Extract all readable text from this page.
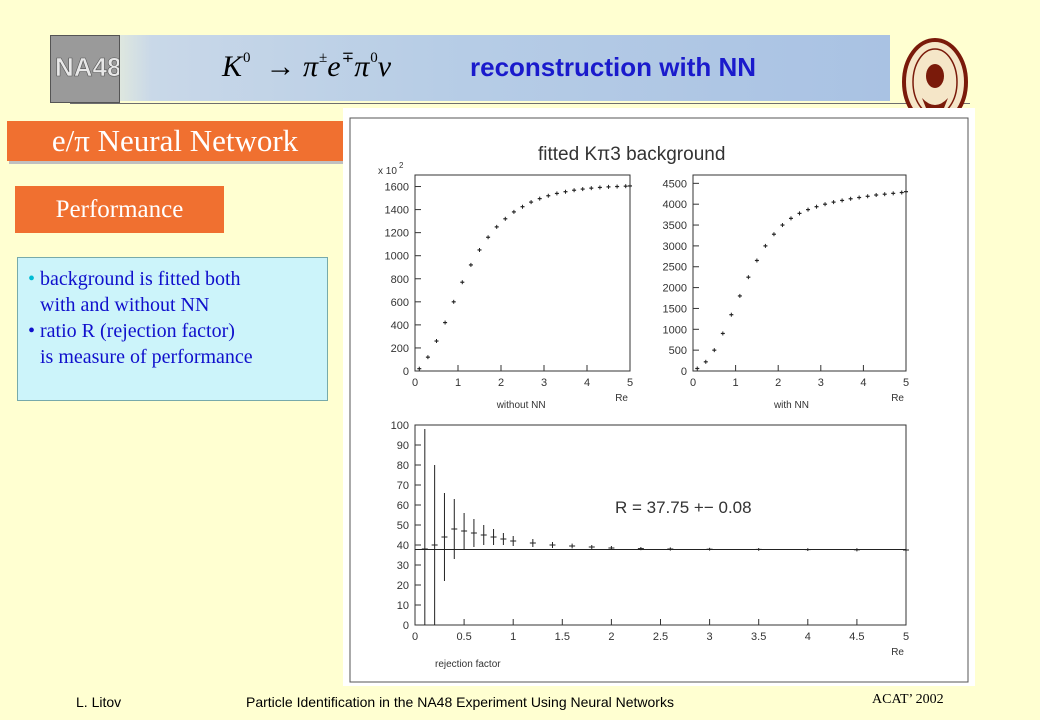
NA48	$K^0 \to \pi^\pm e^\mp\pi^0\nu$	reconstruction with NN
e/π Neural Network
Performance
• background is fitted both
with and without NN
• ratio R (rejection factor)
is measure of performance
fitted Kπ3 background
x 10
2
0
200
400
600
800
1000
1200
1400
1600
0	1	2	3	4	5
Re
without NN
0
500
1000
1500
2000
2500
3000
3500
4000
4500
0	1	2	3	4	5
Re
with NN
0
10
20
30
40
50
60
70
80
90
100
0	0.5	1	1.5	2	2.5	3	3.5	4	4.5	5
Re
rejection factor
R = 37.75 +− 0.08
L. Litov	Particle Identification in the NA48 Experiment Using Neural Networks	ACAT’ 2002
